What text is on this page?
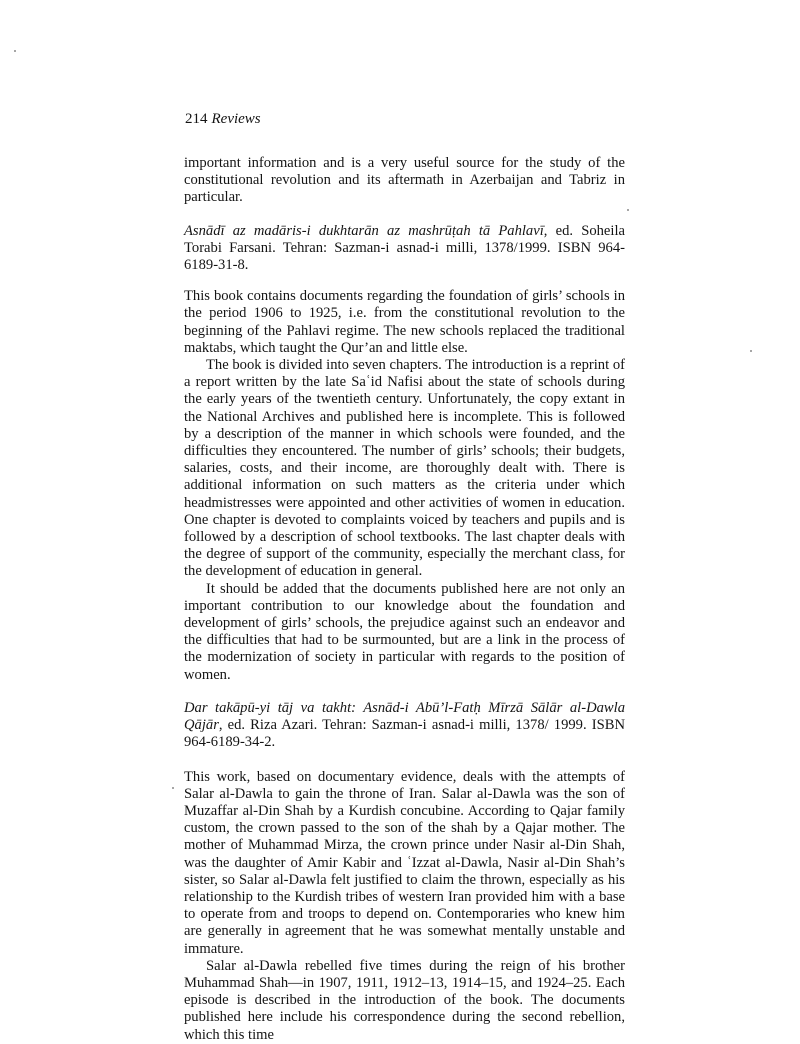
214 Reviews

important information and is a very useful source for the study of the constitutional revolution and its aftermath in Azerbaijan and Tabriz in particular.

Asnādī az madāris-i dukhtarān az mashrūṭah tā Pahlavī, ed. Soheila Torabi Farsani. Tehran: Sazman-i asnad-i milli, 1378/1999. ISBN 964-6189-31-8.

This book contains documents regarding the foundation of girls’ schools in the period 1906 to 1925, i.e. from the constitutional revolution to the beginning of the Pahlavi regime. The new schools replaced the traditional maktabs, which taught the Qur’an and little else.

The book is divided into seven chapters. The introduction is a reprint of a report written by the late Saʿid Nafisi about the state of schools during the early years of the twentieth century. Unfortunately, the copy extant in the National Archives and published here is incomplete. This is followed by a description of the manner in which schools were founded, and the difficulties they encountered. The number of girls’ schools; their budgets, salaries, costs, and their income, are thoroughly dealt with. There is additional information on such matters as the criteria under which headmistresses were appointed and other activities of women in education. One chapter is devoted to complaints voiced by teachers and pupils and is followed by a description of school textbooks. The last chapter deals with the degree of support of the community, especially the merchant class, for the development of education in general.

It should be added that the documents published here are not only an important contribution to our knowledge about the foundation and development of girls’ schools, the prejudice against such an endeavor and the difficulties that had to be surmounted, but are a link in the process of the modernization of society in particular with regards to the position of women.

Dar takāpū-yi tāj va takht: Asnād-i Abū’l-Fatḥ Mīrzā Sālār al-Dawla Qājār, ed. Riza Azari. Tehran: Sazman-i asnad-i milli, 1378/ 1999. ISBN 964-6189-34-2.

This work, based on documentary evidence, deals with the attempts of Salar al-Dawla to gain the throne of Iran. Salar al-Dawla was the son of Muzaffar al-Din Shah by a Kurdish concubine. According to Qajar family custom, the crown passed to the son of the shah by a Qajar mother. The mother of Muhammad Mirza, the crown prince under Nasir al-Din Shah, was the daughter of Amir Kabir and ʿIzzat al-Dawla, Nasir al-Din Shah’s sister, so Salar al-Dawla felt justified to claim the thrown, especially as his relationship to the Kurdish tribes of western Iran provided him with a base to operate from and troops to depend on. Contemporaries who knew him are generally in agreement that he was somewhat mentally unstable and immature.

Salar al-Dawla rebelled five times during the reign of his brother Muhammad Shah—in 1907, 1911, 1912–13, 1914–15, and 1924–25. Each episode is described in the introduction of the book. The documents published here include his correspondence during the second rebellion, which this time
